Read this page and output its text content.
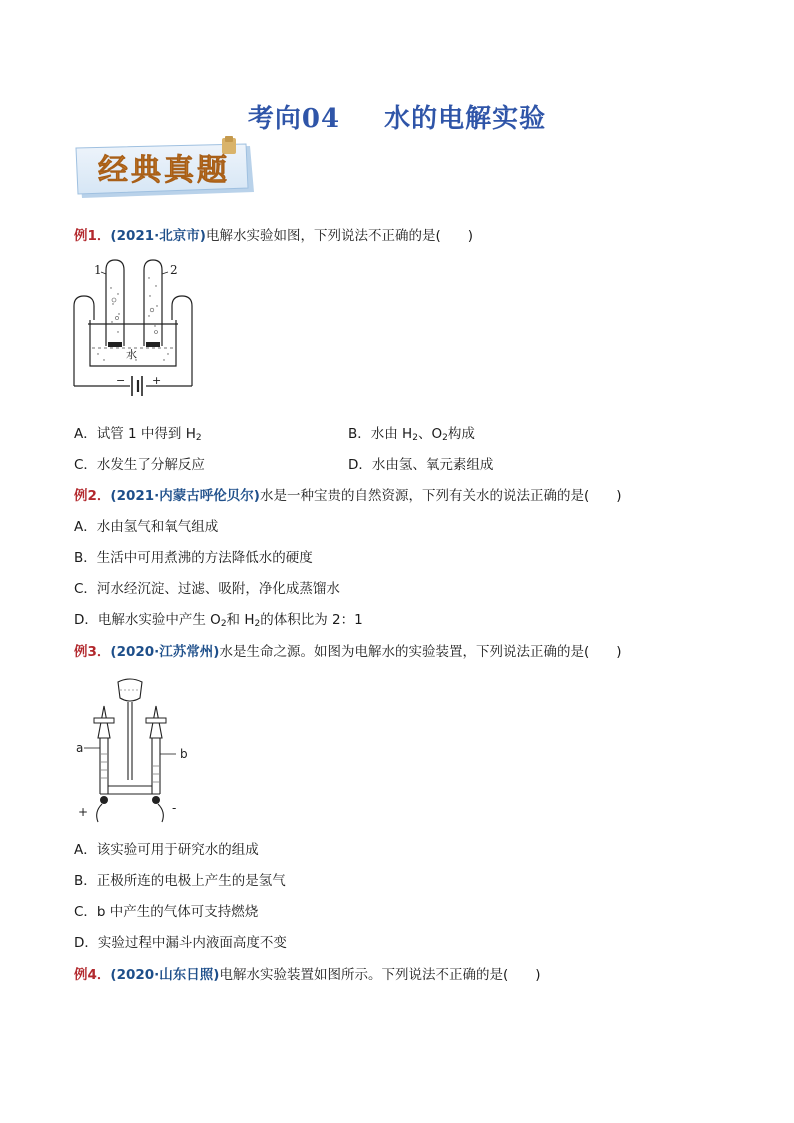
考向04 水的电解实验
经典真题
例1．(2021·北京市)电解水实验如图，下列说法不正确的是(　　)
1	2
水
− +
A．试管 1 中得到 $H_2$	B．水由 $H_2$、$O_2$构成
C．水发生了分解反应	D．水由氢、氧元素组成
例2．(2021·内蒙古呼伦贝尔)水是一种宝贵的自然资源，下列有关水的说法正确的是(　　)
A．水由氢气和氧气组成
B．生活中可用煮沸的方法降低水的硬度
C．河水经沉淀、过滤、吸附，净化成蒸馏水
D．电解水实验中产生 $O_2$和 $H_2$的体积比为 2：1
例3．(2020·江苏常州)水是生命之源。如图为电解水的实验装置，下列说法正确的是(　　)
a	b
+	-
A．该实验可用于研究水的组成
B．正极所连的电极上产生的是氢气
C．b 中产生的气体可支持燃烧
D．实验过程中漏斗内液面高度不变
例4．(2020·山东日照)电解水实验装置如图所示。下列说法不正确的是(　　)
